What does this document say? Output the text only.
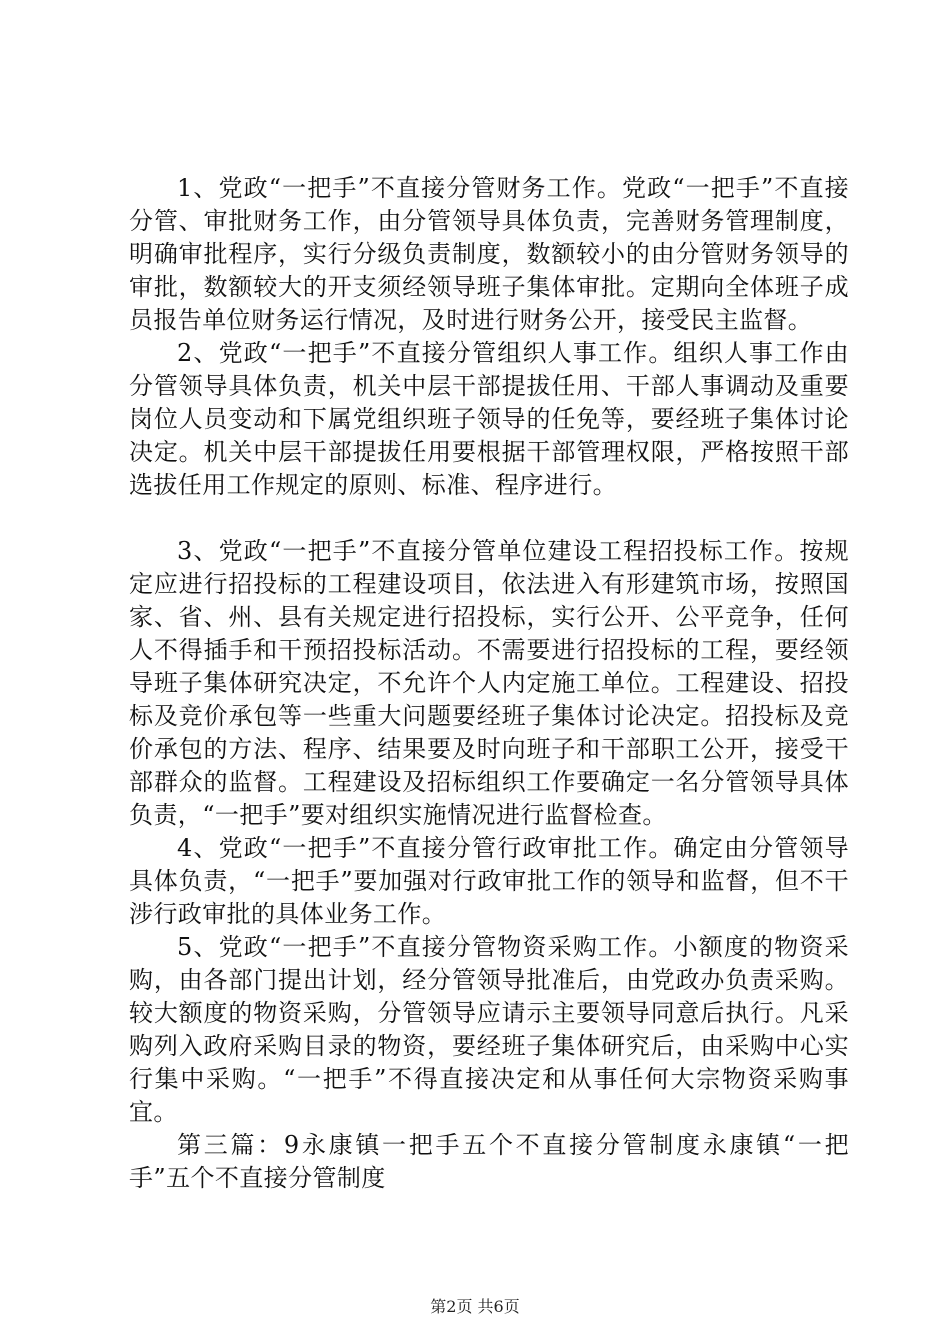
1、党政“一把手”不直接分管财务工作。党政“一把手”不直接分管、审批财务工作，由分管领导具体负责，完善财务管理制度，明确审批程序，实行分级负责制度，数额较小的由分管财务领导的审批，数额较大的开支须经领导班子集体审批。定期向全体班子成员报告单位财务运行情况，及时进行财务公开，接受民主监督。

2、党政“一把手”不直接分管组织人事工作。组织人事工作由分管领导具体负责，机关中层干部提拔任用、干部人事调动及重要岗位人员变动和下属党组织班子领导的任免等，要经班子集体讨论决定。机关中层干部提拔任用要根据干部管理权限，严格按照干部选拔任用工作规定的原则、标准、程序进行。

3、党政“一把手”不直接分管单位建设工程招投标工作。按规定应进行招投标的工程建设项目，依法进入有形建筑市场，按照国家、省、州、县有关规定进行招投标，实行公开、公平竞争，任何人不得插手和干预招投标活动。不需要进行招投标的工程，要经领导班子集体研究决定，不允许个人内定施工单位。工程建设、招投标及竞价承包等一些重大问题要经班子集体讨论决定。招投标及竞价承包的方法、程序、结果要及时向班子和干部职工公开，接受干部群众的监督。工程建设及招标组织工作要确定一名分管领导具体负责，“一把手”要对组织实施情况进行监督检查。

4、党政“一把手”不直接分管行政审批工作。确定由分管领导具体负责，“一把手”要加强对行政审批工作的领导和监督，但不干涉行政审批的具体业务工作。

5、党政“一把手”不直接分管物资采购工作。小额度的物资采购，由各部门提出计划，经分管领导批准后，由党政办负责采购。较大额度的物资采购，分管领导应请示主要领导同意后执行。凡采购列入政府采购目录的物资，要经班子集体研究后，由采购中心实行集中采购。“一把手”不得直接决定和从事任何大宗物资采购事宜。

第三篇：9永康镇一把手五个不直接分管制度永康镇“一把手”五个不直接分管制度

第2页 共6页
